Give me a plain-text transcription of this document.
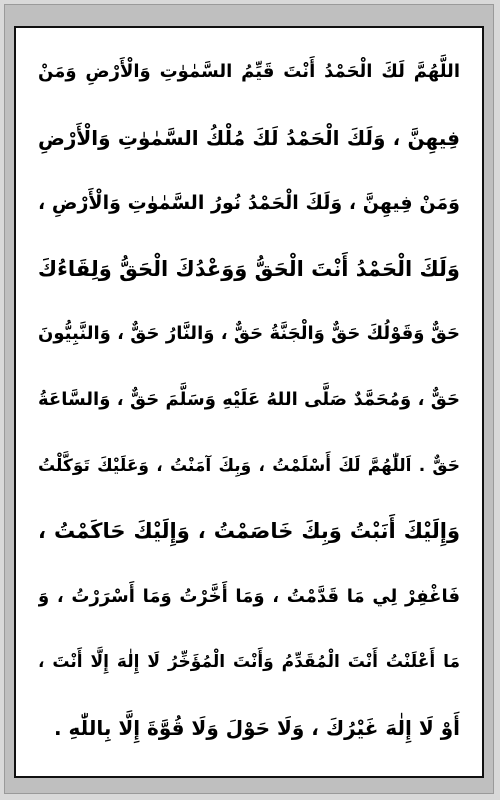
اللَّهُمَّ لَكَ الْحَمْدُ أَنْتَ قَيِّمُ السَّمٰوٰتِ وَالْأَرْضِ وَمَنْ
فِيهِنَّ ، وَلَكَ الْحَمْدُ لَكَ مُلْكُ السَّمٰوٰتِ وَالْأَرْضِ
وَمَنْ فِيهِنَّ ، وَلَكَ الْحَمْدُ نُورُ السَّمٰوٰتِ وَالْأَرْضِ ،
وَلَكَ الْحَمْدُ أَنْتَ الْحَقُّ وَوَعْدُكَ الْحَقُّ وَلِقَاءُكَ
حَقٌّ وَقَوْلُكَ حَقٌّ وَالْجَنَّةُ حَقٌّ ، وَالنَّارُ حَقٌّ ، وَالنَّبِيُّونَ
حَقٌّ ، وَمُحَمَّدٌ صَلَّى اللهُ عَلَيْهِ وَسَلَّمَ حَقٌّ ، وَالسَّاعَةُ
حَقٌّ . اَللّٰهُمَّ لَكَ أَسْلَمْتُ ، وَبِكَ آمَنْتُ ، وَعَلَيْكَ تَوَكَّلْتُ
وَإِلَيْكَ أَنَبْتُ وَبِكَ خَاصَمْتُ ، وَإِلَيْكَ حَاكَمْتُ ،
فَاغْفِرْ لِي مَا قَدَّمْتُ ، وَمَا أَخَّرْتُ وَمَا أَسْرَرْتُ ، وَ
مَا أَعْلَنْتُ أَنْتَ الْمُقَدِّمُ وَأَنْتَ الْمُؤَخِّرُ لَا إِلٰهَ إِلَّا أَنْتَ ،
أَوْ لَا إِلٰهَ غَيْرُكَ ، وَلَا حَوْلَ وَلَا قُوَّةَ إِلَّا بِاللّٰهِ .
